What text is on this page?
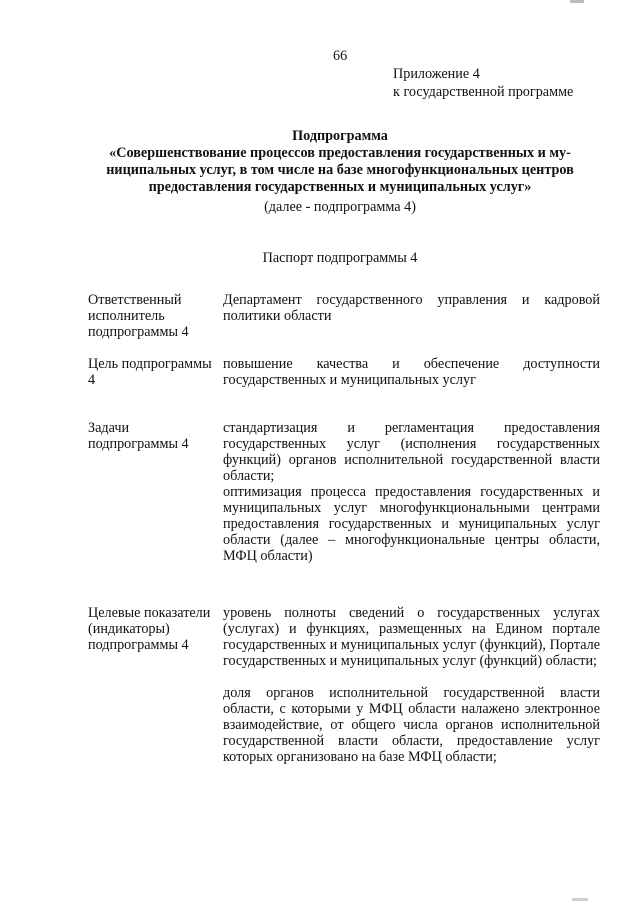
66
Приложение 4
к государственной программе
Подпрограмма
«Совершенствование процессов предоставления государственных и му-
ниципальных услуг, в том числе на базе многофункциональных центров
предоставления государственных и муниципальных услуг»
(далее - подпрограмма 4)
Паспорт подпрограммы 4
Ответственный исполнитель подпрограммы 4

Департамент государственного управления и кадровой политики области

Цель подпрограммы 4

повышение качества и обеспечение доступности государственных и муниципальных услуг

Задачи подпрограммы 4

стандартизация и регламентация предоставления государственных услуг (исполнения государственных функций) органов исполнительной государственной власти области;

оптимизация процесса предоставления государственных и муниципальных услуг многофункциональными центрами предоставления государственных и муниципальных услуг области (далее – многофункциональные центры области, МФЦ области)

Целевые показатели (индикаторы) подпрограммы 4

уровень полноты сведений о государственных услугах (услугах) и функциях, размещенных на Едином портале государственных и муниципальных услуг (функций), Портале государственных и муниципальных услуг (функций) области;

доля органов исполнительной государственной власти области, с которыми у МФЦ области налажено электронное взаимодействие, от общего числа органов исполнительной государственной власти области, предоставление услуг которых организовано на базе МФЦ области;
